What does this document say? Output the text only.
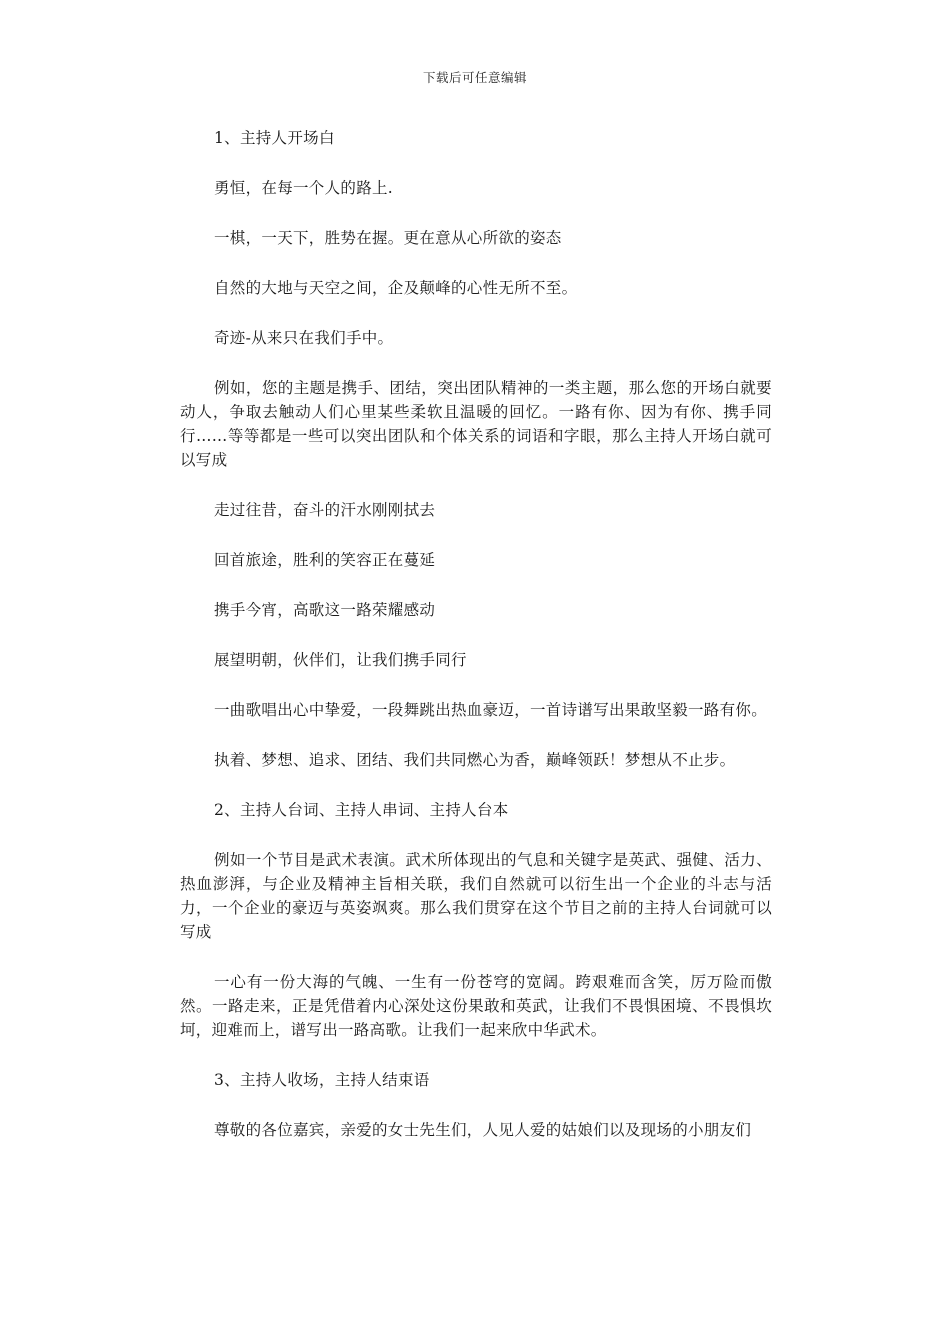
下载后可任意编辑

1、主持人开场白

勇恒，在每一个人的路上.

一棋，一天下，胜势在握。更在意从心所欲的姿态

自然的大地与天空之间，企及颠峰的心性无所不至。

奇迹-从来只在我们手中。

例如，您的主题是携手、团结，突出团队精神的一类主题，那么您的开场白就要动人，争取去触动人们心里某些柔软且温暖的回忆。一路有你、因为有你、携手同行……等等都是一些可以突出团队和个体关系的词语和字眼，那么主持人开场白就可以写成

走过往昔，奋斗的汗水刚刚拭去

回首旅途，胜利的笑容正在蔓延

携手今宵，高歌这一路荣耀感动

展望明朝，伙伴们，让我们携手同行

一曲歌唱出心中挚爱，一段舞跳出热血豪迈，一首诗谱写出果敢坚毅一路有你。

执着、梦想、追求、团结、我们共同燃心为香，巅峰领跃！梦想从不止步。

2、主持人台词、主持人串词、主持人台本

例如一个节目是武术表演。武术所体现出的气息和关键字是英武、强健、活力、热血澎湃，与企业及精神主旨相关联，我们自然就可以衍生出一个企业的斗志与活力，一个企业的豪迈与英姿飒爽。那么我们贯穿在这个节目之前的主持人台词就可以写成

一心有一份大海的气魄、一生有一份苍穹的宽阔。跨艰难而含笑，厉万险而傲然。一路走来，正是凭借着内心深处这份果敢和英武，让我们不畏惧困境、不畏惧坎坷，迎难而上，谱写出一路高歌。让我们一起来欣中华武术。

3、主持人收场，主持人结束语

尊敬的各位嘉宾，亲爱的女士先生们，人见人爱的姑娘们以及现场的小朋友们
